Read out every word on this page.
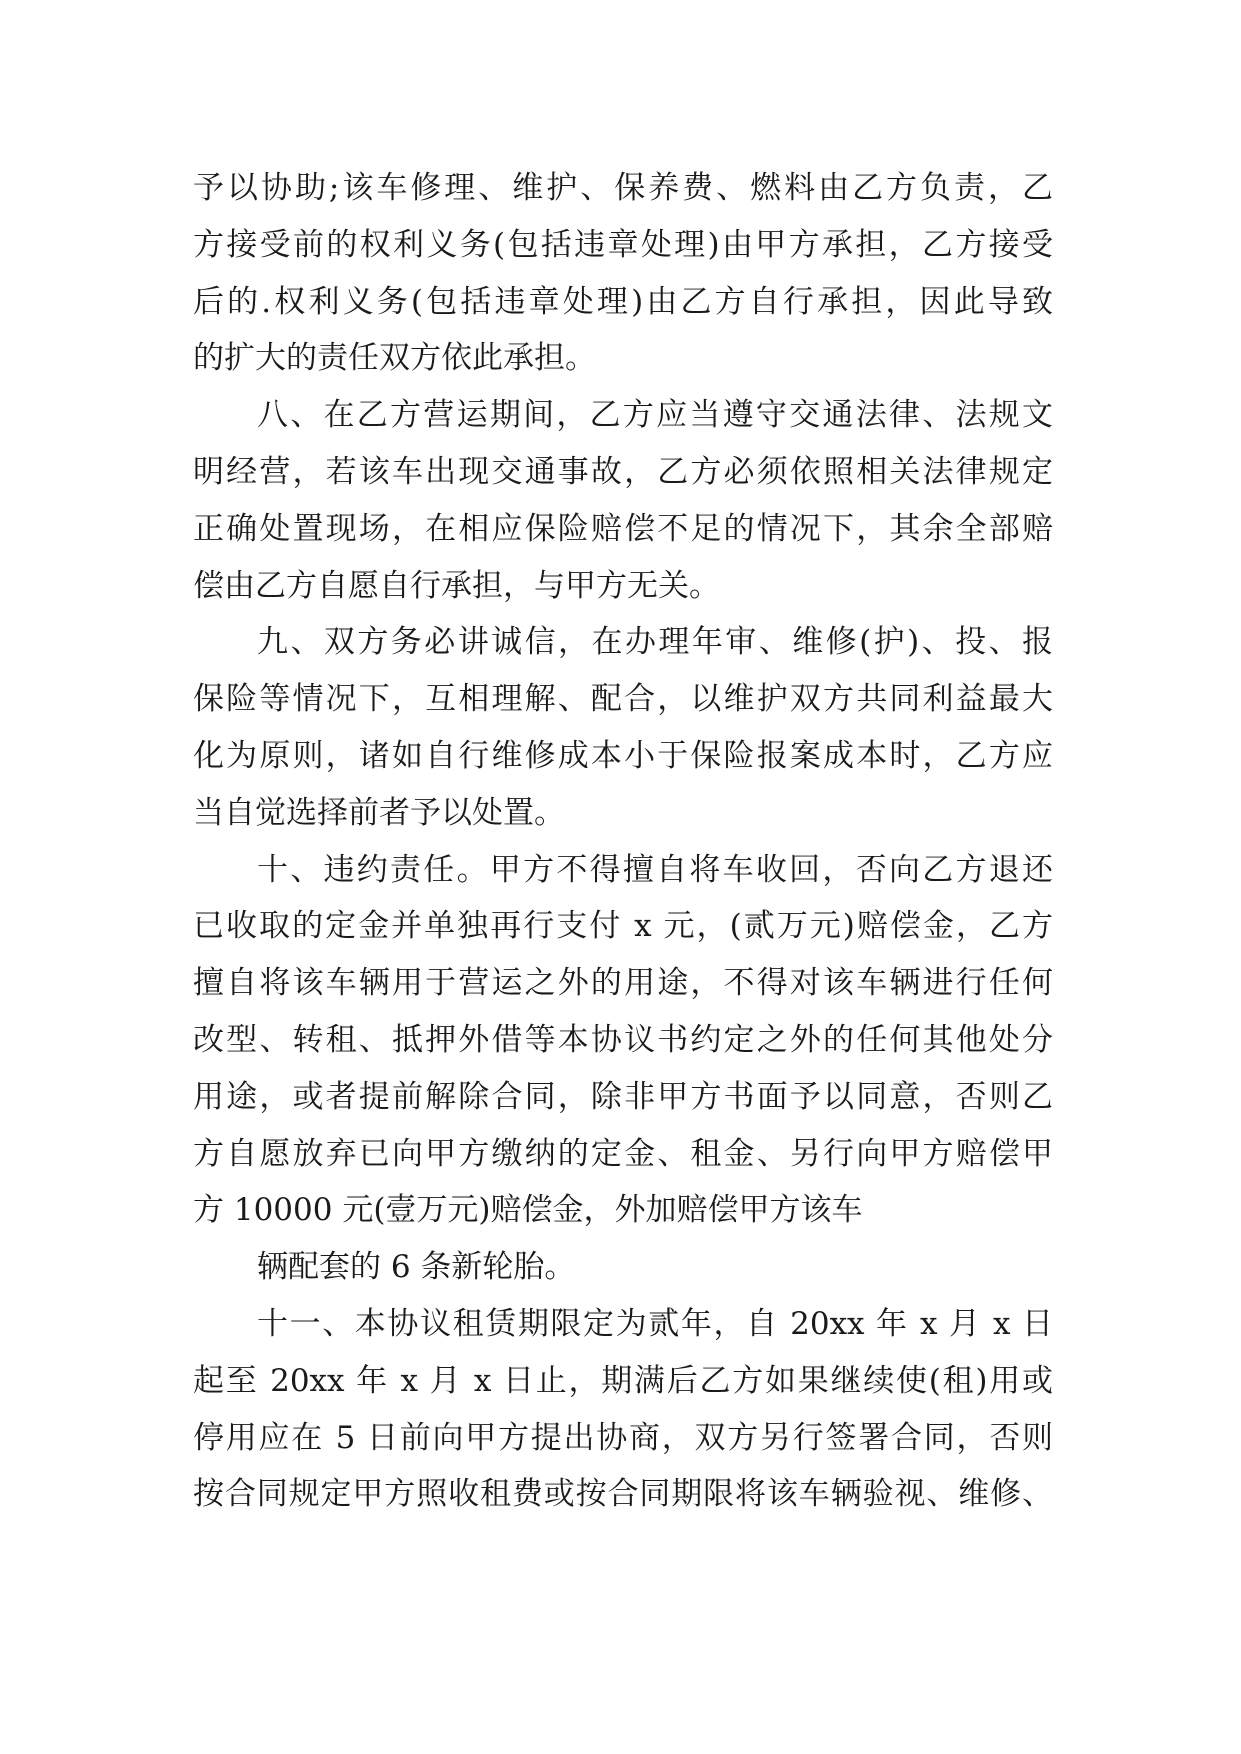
予以协助;该车修理、维护、保养费、燃料由乙方负责，乙
方接受前的权利义务(包括违章处理)由甲方承担，乙方接受
后的.权利义务(包括违章处理)由乙方自行承担，因此导致
的扩大的责任双方依此承担。
八、在乙方营运期间，乙方应当遵守交通法律、法规文
明经营，若该车出现交通事故，乙方必须依照相关法律规定
正确处置现场，在相应保险赔偿不足的情况下，其余全部赔
偿由乙方自愿自行承担，与甲方无关。
九、双方务必讲诚信，在办理年审、维修(护)、投、报
保险等情况下，互相理解、配合，以维护双方共同利益最大
化为原则，诸如自行维修成本小于保险报案成本时，乙方应
当自觉选择前者予以处置。
十、违约责任。甲方不得擅自将车收回，否向乙方退还
已收取的定金并单独再行支付 x 元，(贰万元)赔偿金，乙方
擅自将该车辆用于营运之外的用途，不得对该车辆进行任何
改型、转租、抵押外借等本协议书约定之外的任何其他处分
用途，或者提前解除合同，除非甲方书面予以同意，否则乙
方自愿放弃已向甲方缴纳的定金、租金、另行向甲方赔偿甲
方 10000 元(壹万元)赔偿金，外加赔偿甲方该车
辆配套的 6 条新轮胎。
十一、本协议租赁期限定为贰年，自 20xx 年 x 月 x 日
起至 20xx 年 x 月 x 日止，期满后乙方如果继续使(租)用或
停用应在 5 日前向甲方提出协商，双方另行签署合同，否则
按合同规定甲方照收租费或按合同期限将该车辆验视、维修、
